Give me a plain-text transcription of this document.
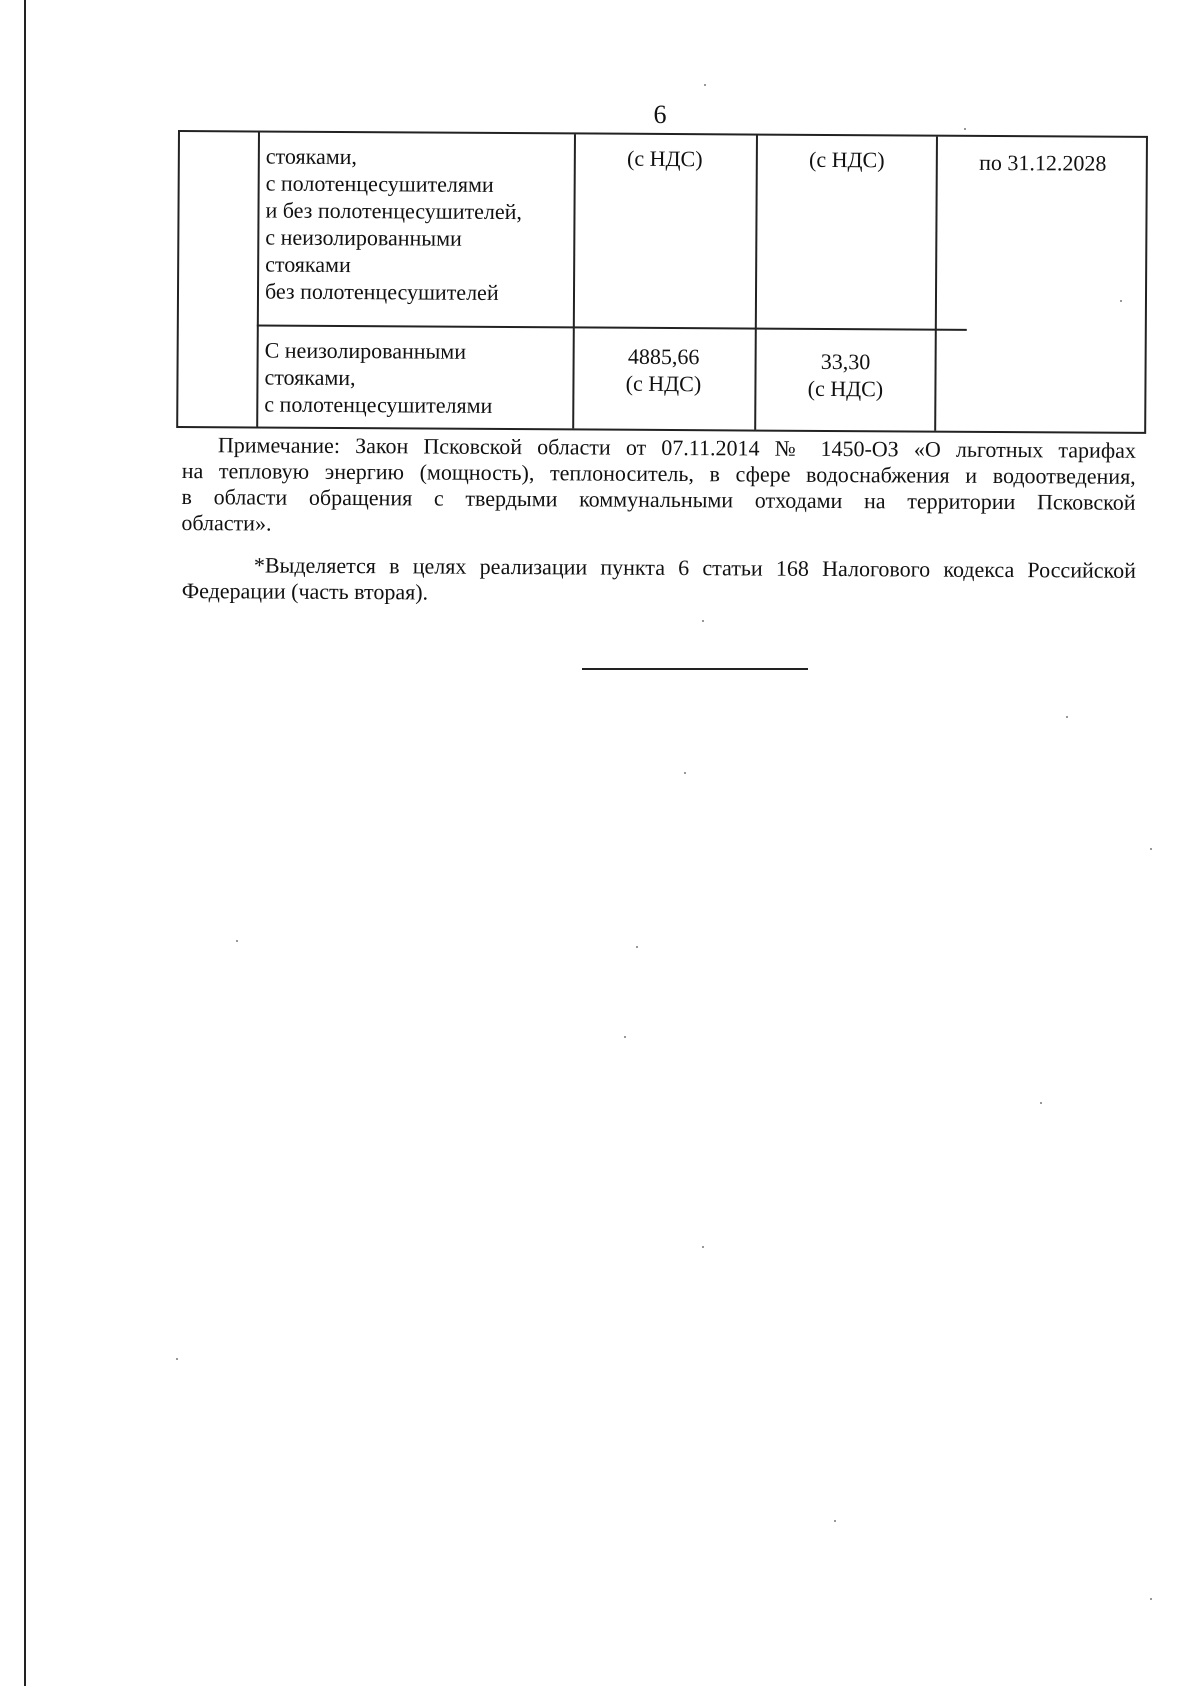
6
стояками,
с полотенцесушителями
и без полотенцесушителей,
с неизолированными
стояками
без полотенцесушителей
(с НДС)	(с НДС)	по 31.12.2028
С неизолированными
стояками,
с полотенцесушителями
4885,66
(с НДС)
33,30
(с НДС)
Примечание: Закон Псковской области от 07.11.2014 № 1450-ОЗ «О льготных тарифах
на тепловую энергию (мощность), теплоноситель, в сфере водоснабжения и водоотведения,
в области обращения с твердыми коммунальными отходами на территории Псковской
области».
*Выделяется в целях реализации пункта 6 статьи 168 Налогового кодекса Российской
Федерации (часть вторая).
